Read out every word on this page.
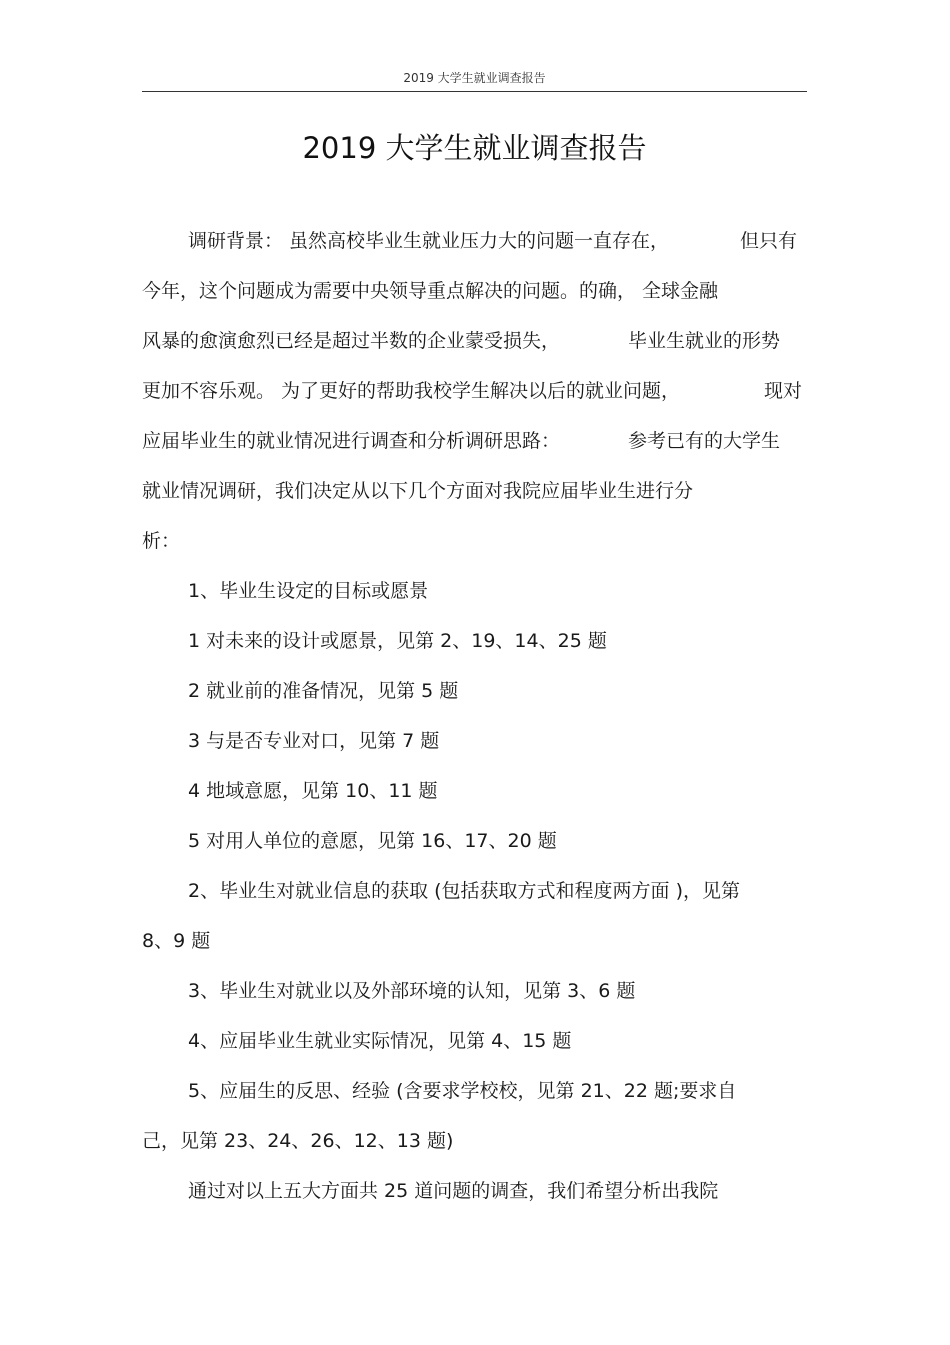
2019 大学生就业调查报告
2019 大学生就业调查报告
调研背景： 虽然高校毕业生就业压力大的问题一直存在，	但只有
今年，这个问题成为需要中央领导重点解决的问题。的确， 全球金融
风暴的愈演愈烈已经是超过半数的企业蒙受损失，	毕业生就业的形势
更加不容乐观。 为了更好的帮助我校学生解决以后的就业问题，	现对
应届毕业生的就业情况进行调查和分析调研思路：	参考已有的大学生
就业情况调研，我们决定从以下几个方面对我院应届毕业生进行分
析：
1、毕业生设定的目标或愿景
1 对未来的设计或愿景，见第 2、19、14、25 题
2 就业前的准备情况，见第 5 题
3 与是否专业对口，见第 7 题
4 地域意愿，见第 10、11 题
5 对用人单位的意愿，见第 16、17、20 题
2、毕业生对就业信息的获取 (包括获取方式和程度两方面 )，见第
8、9 题
3、毕业生对就业以及外部环境的认知，见第 3、6 题
4、应届毕业生就业实际情况，见第 4、15 题
5、应届生的反思、经验 (含要求学校校，见第 21、22 题;要求自
己，见第 23、24、26、12、13 题)
通过对以上五大方面共 25 道问题的调查，我们希望分析出我院
